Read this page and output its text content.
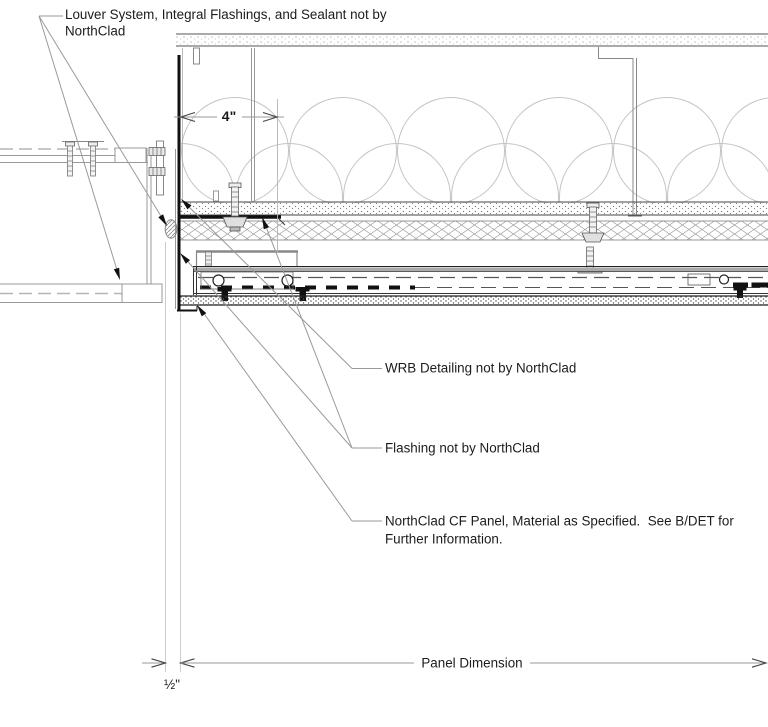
4"
½"
Panel Dimension
Louver System, Integral Flashings, and Sealant not by
NorthClad
WRB Detailing not by NorthClad
Flashing not by NorthClad
NorthClad CF Panel, Material as Specified.  See B/DET for
Further Information.
